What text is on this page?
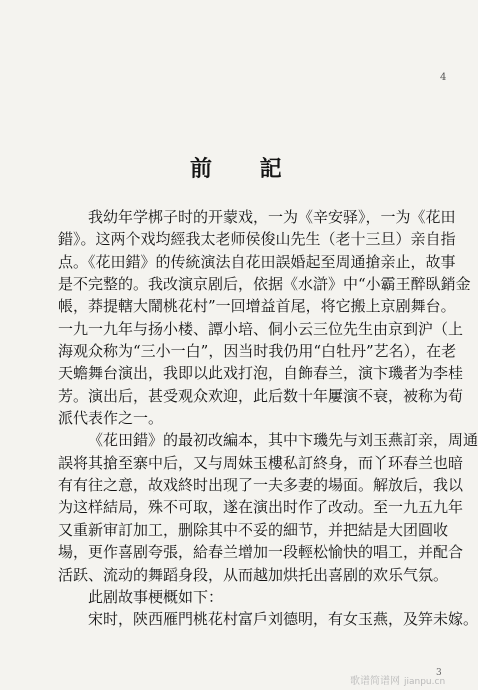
4
前 記
我幼年学梆子时的开蒙戏，一为《辛安驿》，一为《花田
錯》。这两个戏均經我太老师侯俊山先生（老十三旦）亲自指
点。《花田錯》的传統演法自花田誤婚起至周通搶亲止，故事
是不完整的。我改演京剧后，依据《水滸》中“小霸王醉臥銷金
帳，莽提轄大鬧桃花村”一回增益首尾，将它搬上京剧舞台。
一九一九年与扬小楼、譚小培、侗小云三位先生由京到沪（上
海观众称为“三小一白”，因当时我仍用“白牡丹”艺名），在老
天蟾舞台演出，我即以此戏打泡，自飾春兰，演卞璣者为李桂
芳。演出后，甚受观众欢迎，此后数十年屢演不衰，被称为荀
派代表作之一。
《花田錯》的最初改編本，其中卞璣先与刘玉燕訂亲，周通
誤将其搶至寨中后，又与周妹玉樓私訂終身，而丫环春兰也暗
有有往之意，故戏終时出现了一夫多妻的場面。解放后，我以
为这样結局，殊不可取，遂在演出时作了改动。至一九五九年
又重新审訂加工，删除其中不妥的細节，并把結是大团圓收
場，更作喜剧夸張，給春兰增加一段輕松愉快的唱工，并配合
活跃、流动的舞蹈身段，从而越加烘托出喜剧的欢乐气氛。
此剧故事梗概如下：
宋时，陝西雁門桃花村富戶刘德明，有女玉燕，及笄未嫁。
3
歌谱简谱网 jianpu.cn
